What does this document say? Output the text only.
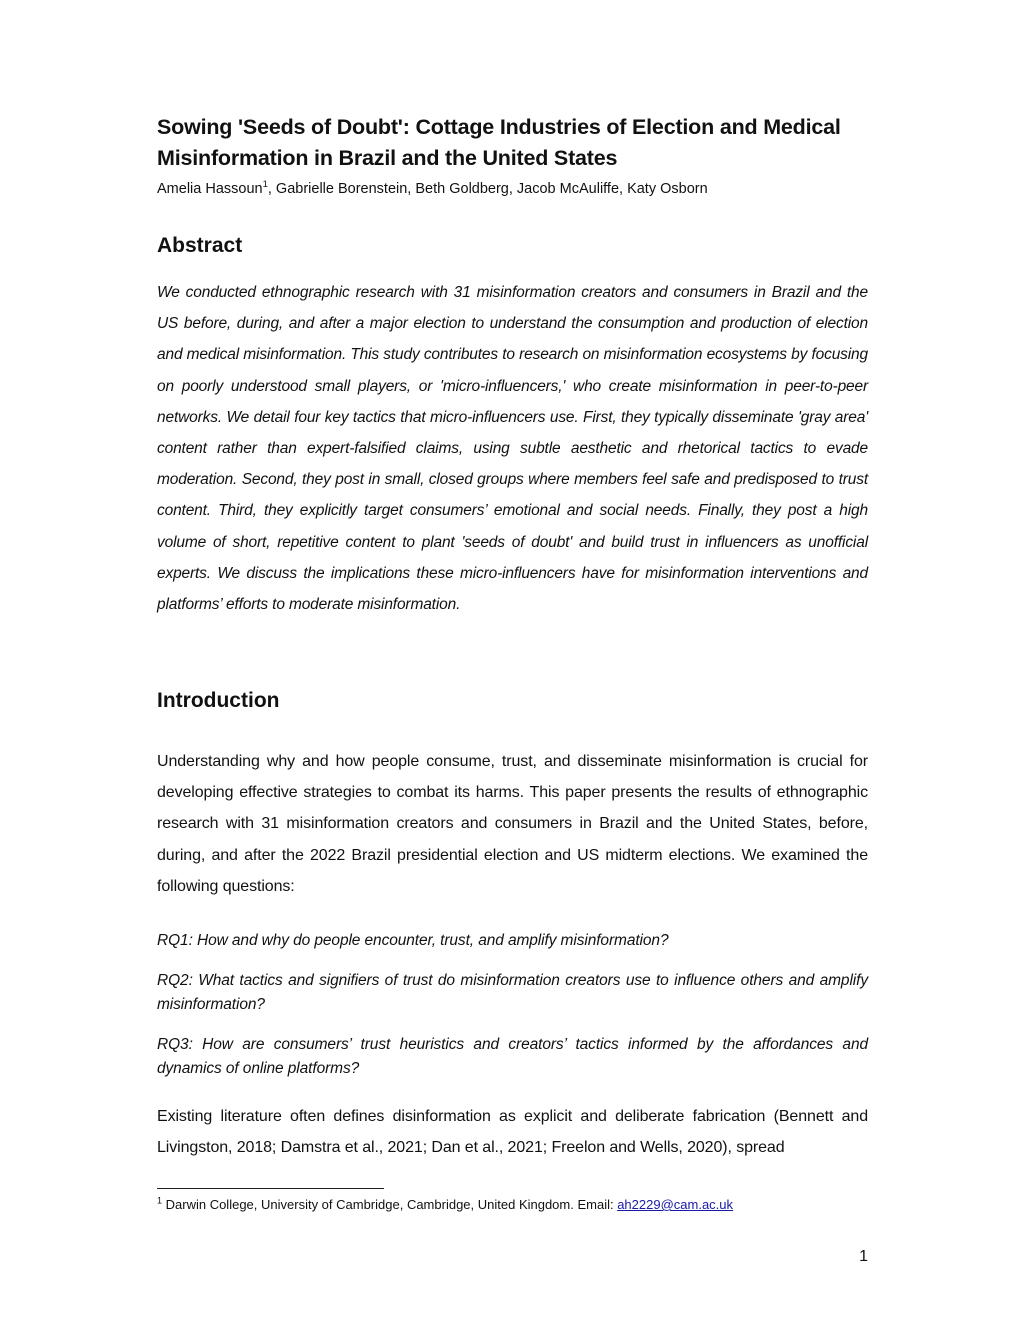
Sowing 'Seeds of Doubt': Cottage Industries of Election and Medical Misinformation in Brazil and the United States
Amelia Hassoun$^1$, Gabrielle Borenstein, Beth Goldberg, Jacob McAuliffe, Katy Osborn
Abstract

We conducted ethnographic research with 31 misinformation creators and consumers in Brazil and the US before, during, and after a major election to understand the consumption and production of election and medical misinformation. This study contributes to research on misinformation ecosystems by focusing on poorly understood small players, or 'micro-influencers,' who create misinformation in peer-to-peer networks. We detail four key tactics that micro-influencers use. First, they typically disseminate 'gray area' content rather than expert-falsified claims, using subtle aesthetic and rhetorical tactics to evade moderation. Second, they post in small, closed groups where members feel safe and predisposed to trust content. Third, they explicitly target consumers’ emotional and social needs. Finally, they post a high volume of short, repetitive content to plant 'seeds of doubt' and build trust in influencers as unofficial experts. We discuss the implications these micro-influencers have for misinformation interventions and platforms’ efforts to moderate misinformation.

Introduction

Understanding why and how people consume, trust, and disseminate misinformation is crucial for developing effective strategies to combat its harms. This paper presents the results of ethnographic research with 31 misinformation creators and consumers in Brazil and the United States, before, during, and after the 2022 Brazil presidential election and US midterm elections. We examined the following questions:

RQ1: How and why do people encounter, trust, and amplify misinformation?

RQ2: What tactics and signifiers of trust do misinformation creators use to influence others and amplify misinformation?

RQ3: How are consumers’ trust heuristics and creators’ tactics informed by the affordances and dynamics of online platforms?

Existing literature often defines disinformation as explicit and deliberate fabrication (Bennett and Livingston, 2018; Damstra et al., 2021; Dan et al., 2021; Freelon and Wells, 2020), spread

$^1$ Darwin College, University of Cambridge, Cambridge, United Kingdom. Email: ah2229@cam.ac.uk
1
